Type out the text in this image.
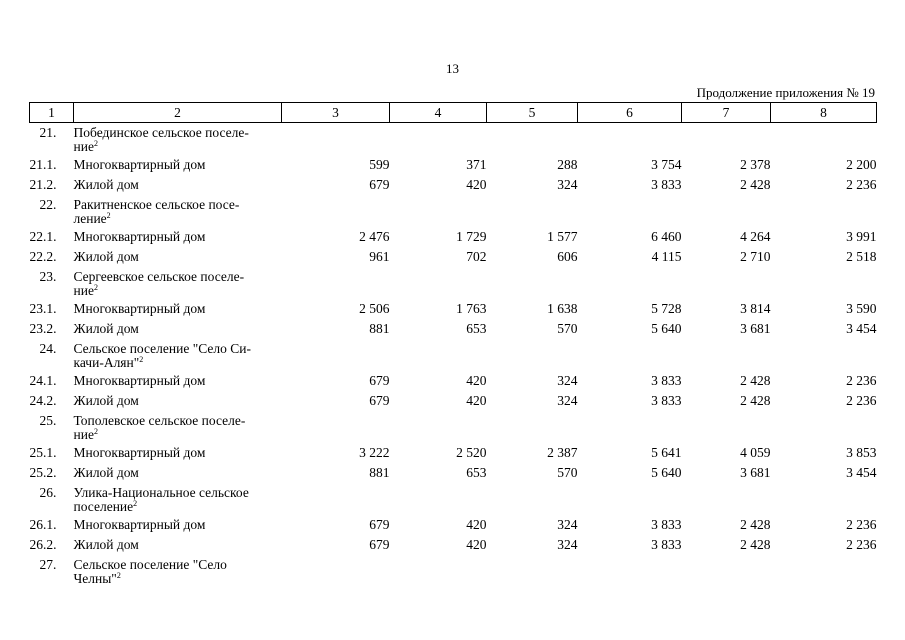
13
Продолжение приложения № 19
1	2	3	4	5	6	7	8
21.	Побединское сельское поселе-
ние$^2$						
21.1.	Многоквартирный дом	599	371	288	3 754	2 378	2 200
21.2.	Жилой дом	679	420	324	3 833	2 428	2 236
22.	Ракитненское сельское посе-
ление$^2$						
22.1.	Многоквартирный дом	2 476	1 729	1 577	6 460	4 264	3 991
22.2.	Жилой дом	961	702	606	4 115	2 710	2 518
23.	Сергеевское сельское поселе-
ние$^2$						
23.1.	Многоквартирный дом	2 506	1 763	1 638	5 728	3 814	3 590
23.2.	Жилой дом	881	653	570	5 640	3 681	3 454
24.	Сельское поселение "Село Си-
качи-Алян"$^2$						
24.1.	Многоквартирный дом	679	420	324	3 833	2 428	2 236
24.2.	Жилой дом	679	420	324	3 833	2 428	2 236
25.	Тополевское сельское поселе-
ние$^2$						
25.1.	Многоквартирный дом	3 222	2 520	2 387	5 641	4 059	3 853
25.2.	Жилой дом	881	653	570	5 640	3 681	3 454
26.	Улика-Национальное сельское
поселение$^2$						
26.1.	Многоквартирный дом	679	420	324	3 833	2 428	2 236
26.2.	Жилой дом	679	420	324	3 833	2 428	2 236
27.	Сельское поселение "Село
Челны"$^2$						
